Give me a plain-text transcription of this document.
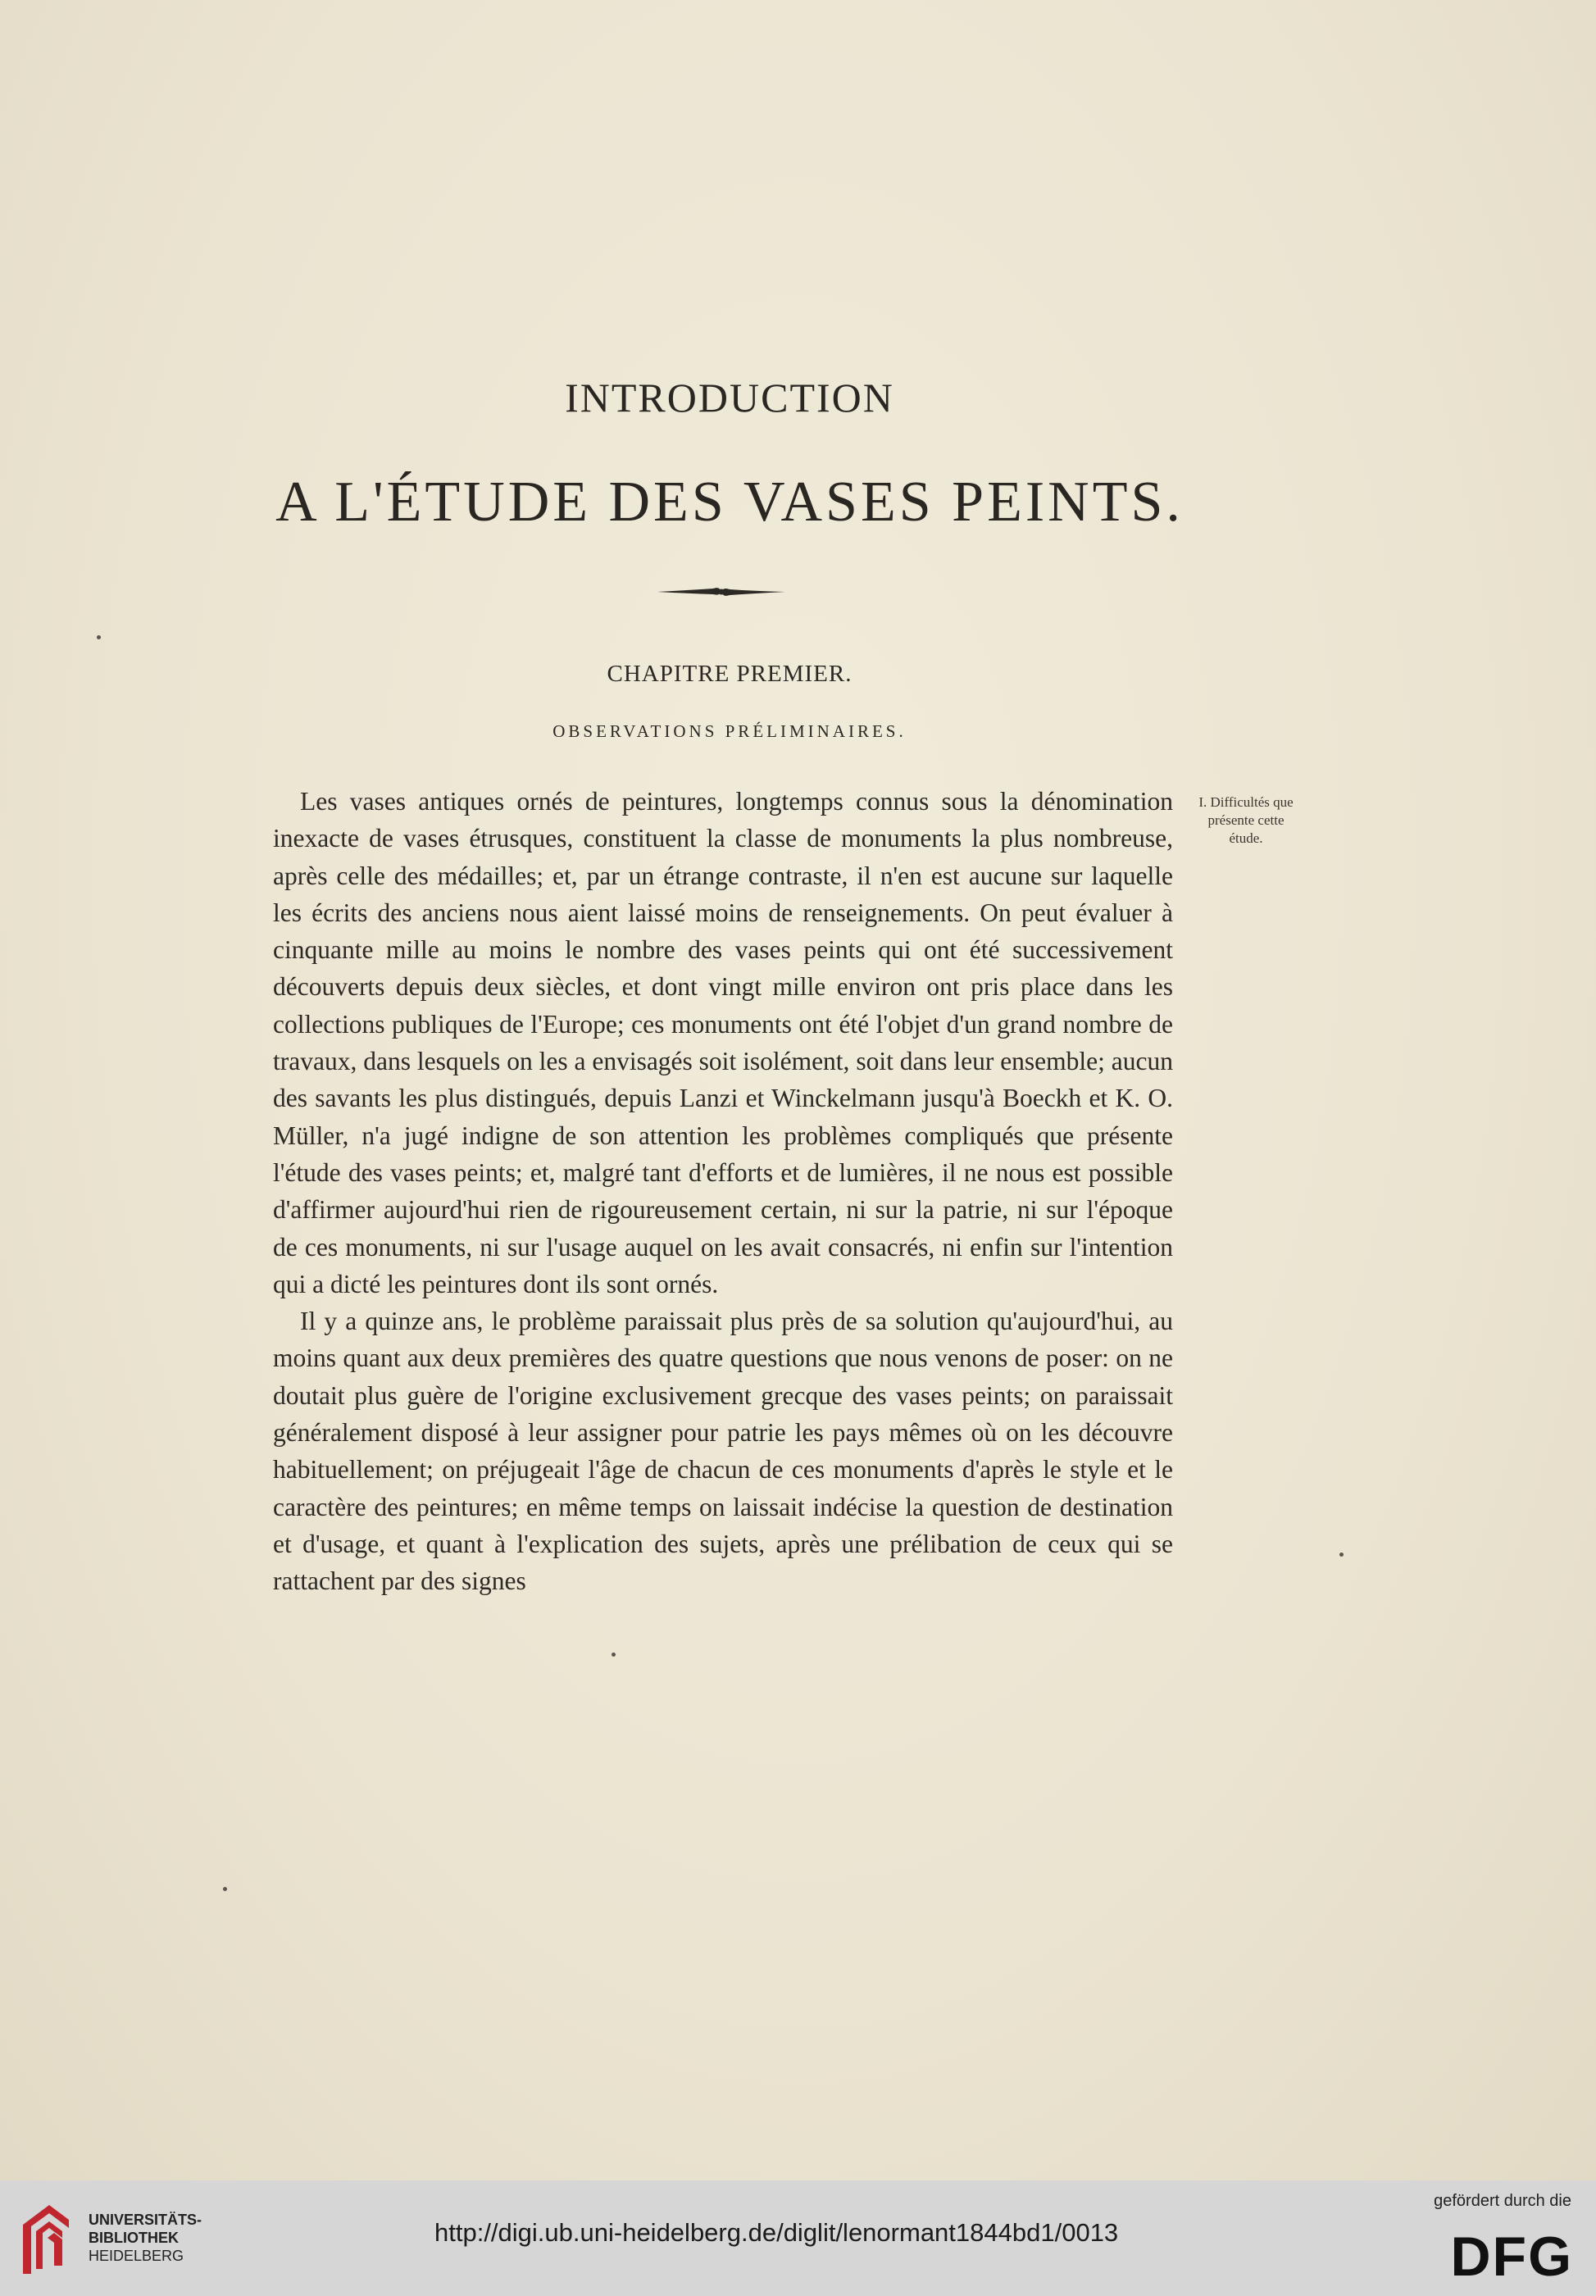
INTRODUCTION
A L'ÉTUDE DES VASES PEINTS.
CHAPITRE PREMIER.
OBSERVATIONS PRÉLIMINAIRES.
I. Difficultés que présente cette étude.

Les vases antiques ornés de peintures, longtemps connus sous la dénomination inexacte de vases étrusques, constituent la classe de monuments la plus nombreuse, après celle des médailles; et, par un étrange contraste, il n'en est aucune sur laquelle les écrits des anciens nous aient laissé moins de renseignements. On peut évaluer à cinquante mille au moins le nombre des vases peints qui ont été successivement découverts depuis deux siècles, et dont vingt mille environ ont pris place dans les collections publiques de l'Europe; ces monuments ont été l'objet d'un grand nombre de travaux, dans lesquels on les a envisagés soit isolément, soit dans leur ensemble; aucun des savants les plus distingués, depuis Lanzi et Winckelmann jusqu'à Boeckh et K. O. Müller, n'a jugé indigne de son attention les problèmes compliqués que présente l'étude des vases peints; et, malgré tant d'efforts et de lumières, il ne nous est possible d'affirmer aujourd'hui rien de rigoureusement certain, ni sur la patrie, ni sur l'époque de ces monuments, ni sur l'usage auquel on les avait consacrés, ni enfin sur l'intention qui a dicté les peintures dont ils sont ornés.

Il y a quinze ans, le problème paraissait plus près de sa solution qu'aujourd'hui, au moins quant aux deux premières des quatre questions que nous venons de poser: on ne doutait plus guère de l'origine exclusivement grecque des vases peints; on paraissait généralement disposé à leur assigner pour patrie les pays mêmes où on les découvre habituellement; on préjugeait l'âge de chacun de ces monuments d'après le style et le caractère des peintures; en même temps on laissait indécise la question de destination et d'usage, et quant à l'explication des sujets, après une prélibation de ceux qui se rattachent par des signes

UNIVERSITÄTS-
BIBLIOTHEK
HEIDELBERG
http://digi.ub.uni-heidelberg.de/diglit/lenormant1844bd1/0013
gefördert durch die
DFG
